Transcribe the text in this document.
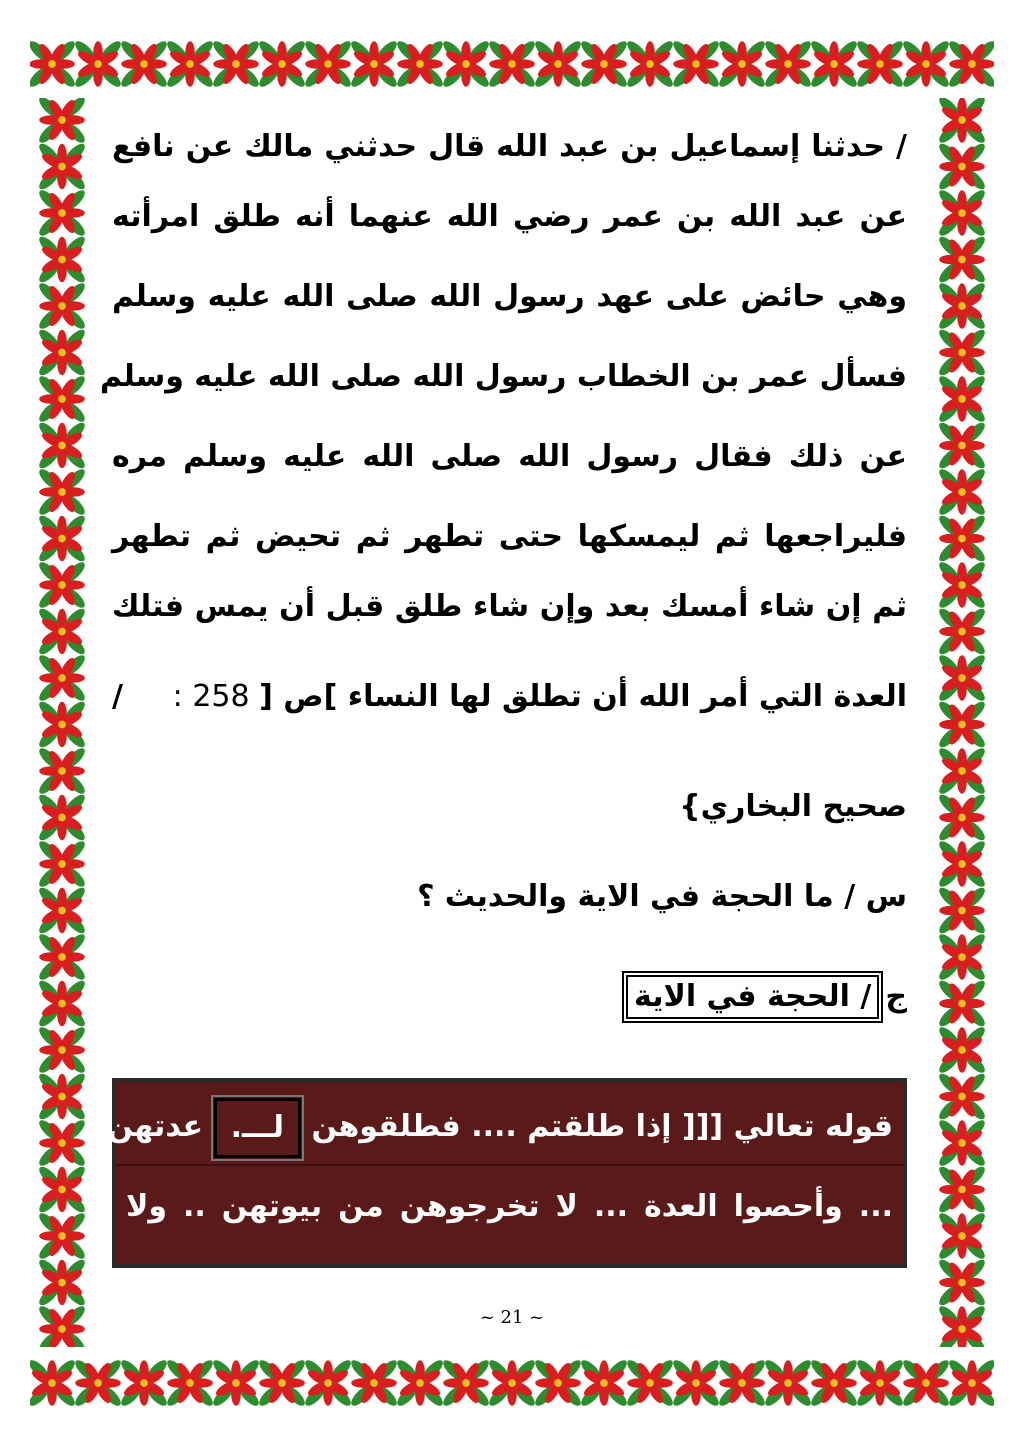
/ حدثنا إسماعيل بن عبد الله قال حدثني مالك عن نافع
عن عبد الله بن عمر رضي الله عنهما أنه طلق امرأته
وهي حائض على عهد رسول الله صلى الله عليه وسلم
فسأل عمر بن الخطاب رسول الله صلى الله عليه وسلم
عن ذلك فقال رسول الله صلى الله عليه وسلم مره
فليراجعها ثم ليمسكها حتى تطهر ثم تحيض ثم تطهر
ثم إن شاء أمسك بعد وإن شاء طلق قبل أن يمس فتلك
العدة التي أمر الله أن تطلق لها النساء ]ص [ 258 :
/
صحيح البخاري}
س / ما الحجة في الاية والحديث ؟
ج
/ الحجة في الاية
قوله تعالي [[[ إذا طلقتم .... فطلقوهن لـــ. عدتهن
... وأحصوا العدة ... لا تخرجوهن من بيوتهن .. ولا
~ 21 ~
